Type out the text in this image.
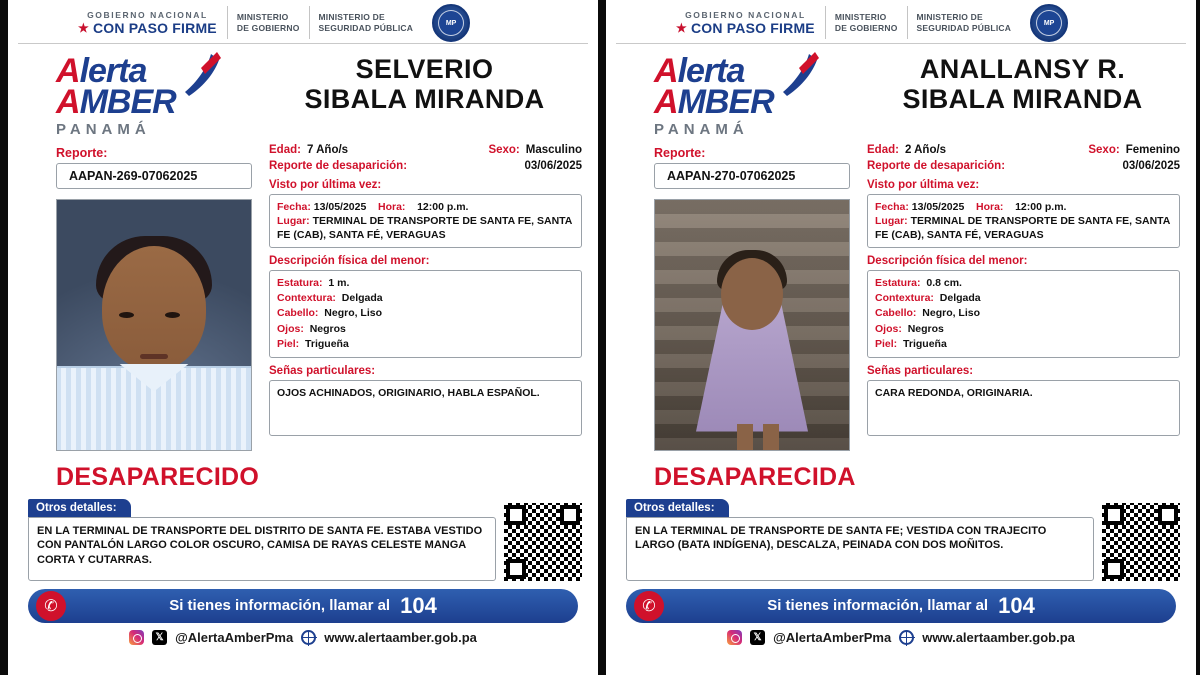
GOBIERNO NACIONAL
★ CON PASO FIRME
MINISTERIO
DE GOBIERNO
MINISTERIO DE
SEGURIDAD PÚBLICA	MP
Alerta
AMBER
PANAMÁ
SELVERIO
SIBALA MIRANDA
Reporte:
AAPAN-269-07062025
DESAPARECIDO
Edad: 7 Año/s	Sexo: Masculino
Reporte de desaparición:	03/06/2025
Visto por última vez:
Fecha: 13/05/2025 Hora: 12:00 p.m.
Lugar: TERMINAL DE TRANSPORTE DE SANTA FE, SANTA FE (CAB), SANTA FÉ, VERAGUAS
Descripción física del menor:
Estatura: 1 m.
Contextura: Delgada
Cabello: Negro, Liso
Ojos: Negros
Piel: Trigueña
Señas particulares:
OJOS ACHINADOS, ORIGINARIO, HABLA ESPAÑOL.
Otros detalles:
EN LA TERMINAL DE TRANSPORTE DEL DISTRITO DE SANTA FE. ESTABA VESTIDO CON PANTALÓN LARGO COLOR OSCURO, CAMISA DE RAYAS CELESTE MANGA CORTA Y CUTARRAS.
✆	Si tienes información, llamar al 104
𝕏 @AlertaAmberPma www.alertaamber.gob.pa
GOBIERNO NACIONAL
★ CON PASO FIRME
MINISTERIO
DE GOBIERNO
MINISTERIO DE
SEGURIDAD PÚBLICA	MP
Alerta
AMBER
PANAMÁ
ANALLANSY R.
SIBALA MIRANDA
Reporte:
AAPAN-270-07062025
DESAPARECIDA
Edad: 2 Año/s	Sexo: Femenino
Reporte de desaparición:	03/06/2025
Visto por última vez:
Fecha: 13/05/2025 Hora: 12:00 p.m.
Lugar: TERMINAL DE TRANSPORTE DE SANTA FE, SANTA FE (CAB), SANTA FÉ, VERAGUAS
Descripción física del menor:
Estatura: 0.8 cm.
Contextura: Delgada
Cabello: Negro, Liso
Ojos: Negros
Piel: Trigueña
Señas particulares:
CARA REDONDA, ORIGINARIA.
Otros detalles:
EN LA TERMINAL DE TRANSPORTE DE SANTA FE; VESTIDA CON TRAJECITO LARGO (BATA INDÍGENA), DESCALZA, PEINADA CON DOS MOÑITOS.
✆	Si tienes información, llamar al 104
𝕏 @AlertaAmberPma www.alertaamber.gob.pa
